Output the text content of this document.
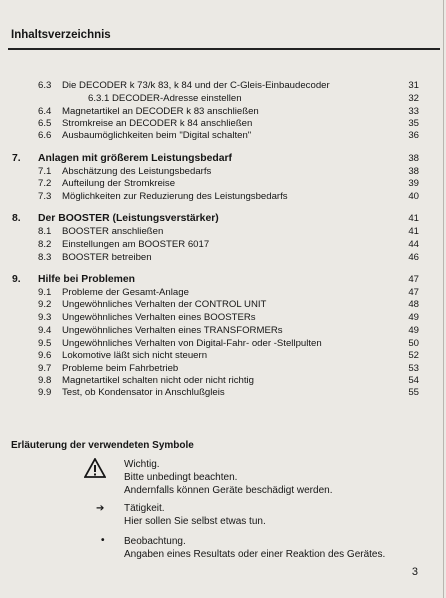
Inhaltsverzeichnis
6.3 Die DECODER k 73/k 83, k 84 und der C-Gleis-Einbaudecoder	31
6.3.1 DECODER-Adresse einstellen	32
6.4 Magnetartikel an DECODER k 83 anschließen	33
6.5 Stromkreise an DECODER k 84 anschließen	35
6.6 Ausbaumöglichkeiten beim "Digital schalten"	36
7. Anlagen mit größerem Leistungsbedarf	38
7.1 Abschätzung des Leistungsbedarfs	38
7.2 Aufteilung der Stromkreise	39
7.3 Möglichkeiten zur Reduzierung des Leistungsbedarfs	40
8. Der BOOSTER (Leistungsverstärker)	41
8.1 BOOSTER anschließen	41
8.2 Einstellungen am BOOSTER 6017	44
8.3 BOOSTER betreiben	46
9. Hilfe bei Problemen	47
9.1 Probleme der Gesamt-Anlage	47
9.2 Ungewöhnliches Verhalten der CONTROL UNIT	48
9.3 Ungewöhnliches Verhalten eines BOOSTERs	49
9.4 Ungewöhnliches Verhalten eines TRANSFORMERs	49
9.5 Ungewöhnliches Verhalten von Digital-Fahr- oder -Stellpulten	50
9.6 Lokomotive läßt sich nicht steuern	52
9.7 Probleme beim Fahrbetrieb	53
9.8 Magnetartikel schalten nicht oder nicht richtig	54
9.9 Test, ob Kondensator in Anschlußgleis	55
Erläuterung der verwendeten Symbole
Wichtig.
Bitte unbedingt beachten.
Andernfalls können Geräte beschädigt werden.
➔ Tätigkeit.
Hier sollen Sie selbst etwas tun.
• Beobachtung.
Angaben eines Resultats oder einer Reaktion des Gerätes.
3
